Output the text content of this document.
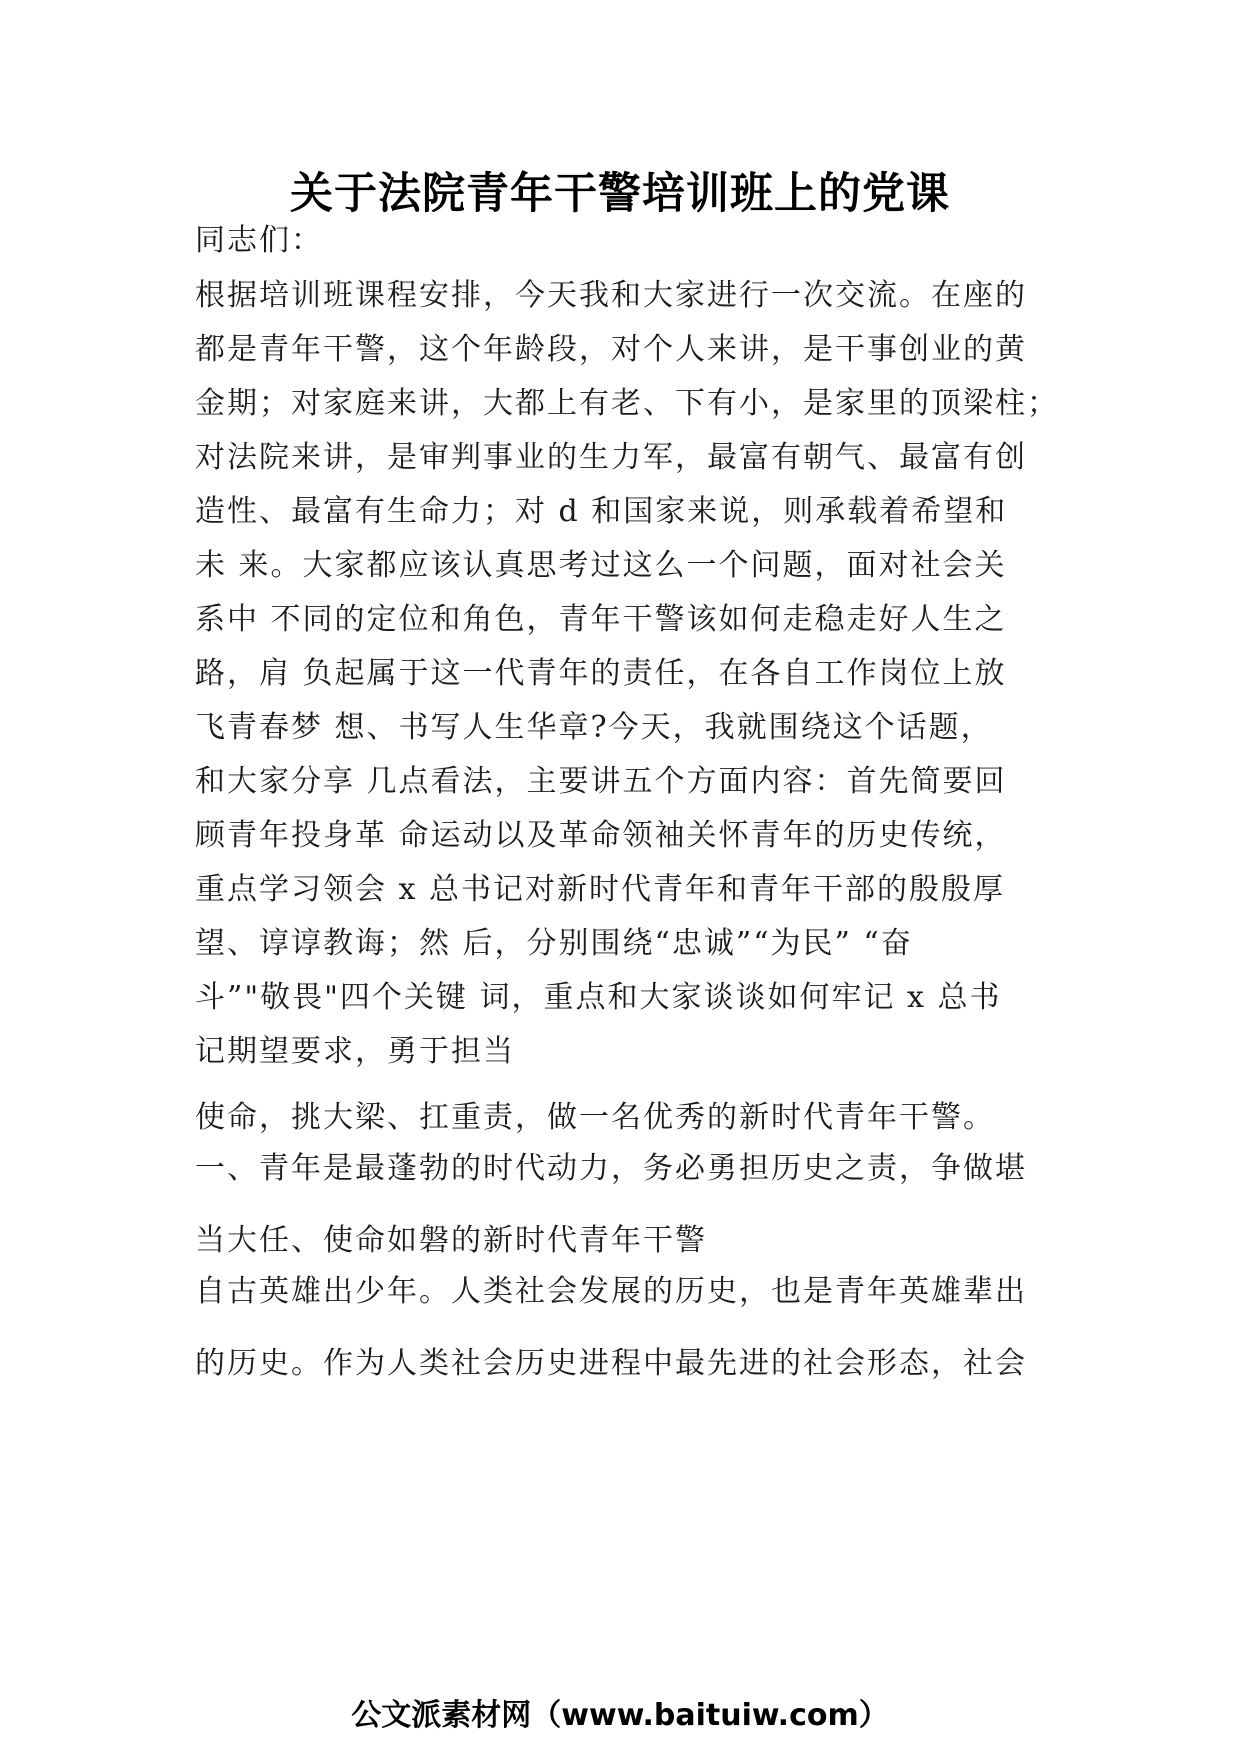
关于法院青年干警培训班上的党课
同志们：
根据培训班课程安排，今天我和大家进行一次交流。在座的
都是青年干警，这个年龄段，对个人来讲，是干事创业的黄
金期；对家庭来讲，大都上有老、下有小，是家里的顶梁柱；
对法院来讲，是审判事业的生力军，最富有朝气、最富有创
造性、最富有生命力；对 d 和国家来说，则承载着希望和
未 来。大家都应该认真思考过这么一个问题，面对社会关
系中 不同的定位和角色，青年干警该如何走稳走好人生之
路，肩 负起属于这一代青年的责任，在各自工作岗位上放
飞青春梦 想、书写人生华章?今天，我就围绕这个话题，
和大家分享 几点看法，主要讲五个方面内容：首先简要回
顾青年投身革 命运动以及革命领袖关怀青年的历史传统，
重点学习领会 x 总书记对新时代青年和青年干部的殷殷厚
望、谆谆教诲；然 后，分别围绕“忠诚”“为民” “奋
斗”"敬畏"四个关键 词，重点和大家谈谈如何牢记 x 总书
记期望要求，勇于担当
使命，挑大梁、扛重责，做一名优秀的新时代青年干警。
一、青年是最蓬勃的时代动力，务必勇担历史之责，争做堪
当大任、使命如磐的新时代青年干警
自古英雄出少年。人类社会发展的历史，也是青年英雄辈出
的历史。作为人类社会历史进程中最先进的社会形态，社会
公文派素材网（www.baituiw.com）
